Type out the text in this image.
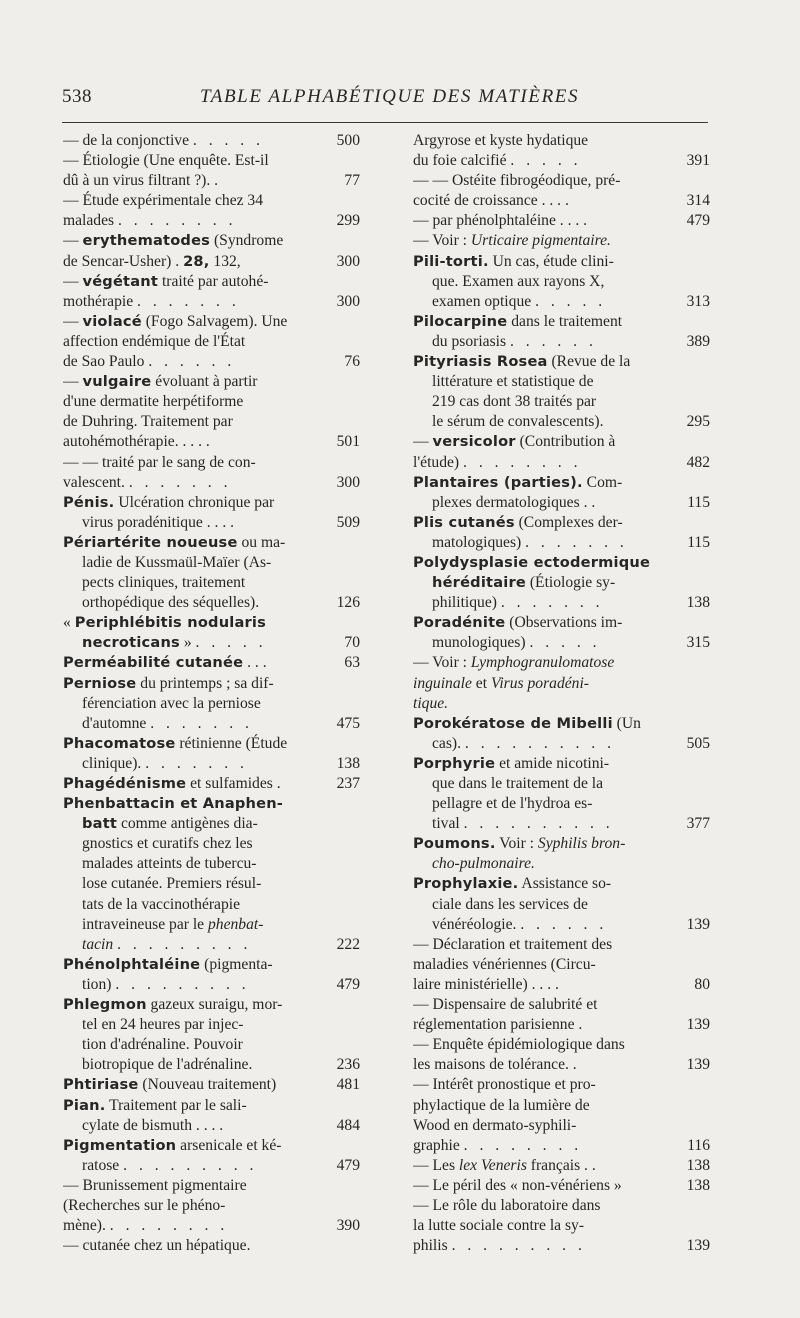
538	TABLE ALPHABÉTIQUE DES MATIÈRES
— de la conjonctive . . . . .	500
— Étiologie (Une enquête. Est-il
dû à un virus filtrant ?). .	77
— Étude expérimentale chez 34
malades . . . . . . . .	299
— erythematodes (Syndrome
de Sencar-Usher) . 28, 132,	300
— végétant traité par autohé-
mothérapie . . . . . . .	300
— violacé (Fogo Salvagem). Une
affection endémique de l'État
de Sao Paulo . . . . . .	76
— vulgaire évoluant à partir
d'une dermatite herpétiforme
de Duhring. Traitement par
autohémothérapie. . . . .	501
— — traité par le sang de con-
valescent. . . . . . . .	300
Pénis. Ulcération chronique par
virus poradénitique . . . .	509
Périartérite noueuse ou ma-
ladie de Kussmaül-Maïer (As-
pects cliniques, traitement
orthopédique des séquelles).	126
« Periphlébitis nodularis
necroticans » . . . . .	70
Perméabilité cutanée . . .	63
Perniose du printemps ; sa dif-
férenciation avec la perniose
d'automne . . . . . . .	475
Phacomatose rétinienne (Étude
clinique). . . . . . . .	138
Phagédénisme et sulfamides .	237
Phenbattacin et Anaphen-
batt comme antigènes dia-
gnostics et curatifs chez les
malades atteints de tubercu-
lose cutanée. Premiers résul-
tats de la vaccinothérapie
intraveineuse par le phenbat-
tacin . . . . . . . . .	222
Phénolphtaléine (pigmenta-
tion) . . . . . . . . .	479
Phlegmon gazeux suraigu, mor-
tel en 24 heures par injec-
tion d'adrénaline. Pouvoir
biotropique de l'adrénaline.	236
Phtiriase (Nouveau traitement)	481
Pian. Traitement par le sali-
cylate de bismuth . . . .	484
Pigmentation arsenicale et ké-
ratose . . . . . . . . .	479
— Brunissement pigmentaire
(Recherches sur le phéno-
mène). . . . . . . . .	390
— cutanée chez un hépatique.
Argyrose et kyste hydatique
du foie calcifié . . . . .	391
— — Ostéite fibrogéodique, pré-
cocité de croissance . . . .	314
— par phénolphtaléine . . . .	479
— Voir : Urticaire pigmentaire.
Pili-torti. Un cas, étude clini-
que. Examen aux rayons X,
examen optique . . . . .	313
Pilocarpine dans le traitement
du psoriasis . . . . . .	389
Pityriasis Rosea (Revue de la
littérature et statistique de
219 cas dont 38 traités par
le sérum de convalescents).	295
— versicolor (Contribution à
l'étude) . . . . . . . .	482
Plantaires (parties). Com-
plexes dermatologiques . .	115
Plis cutanés (Complexes der-
matologiques) . . . . . . .	115
Polydysplasie ectodermique
héréditaire (Étiologie sy-
philitique) . . . . . . .	138
Poradénite (Observations im-
munologiques) . . . . .	315
— Voir : Lymphogranulomatose
inguinale et Virus poradéni-
tique.
Porokératose de Mibelli (Un
cas). . . . . . . . . . .	505
Porphyrie et amide nicotini-
que dans le traitement de la
pellagre et de l'hydroa es-
tival . . . . . . . . . .	377
Poumons. Voir : Syphilis bron-
cho-pulmonaire.
Prophylaxie. Assistance so-
ciale dans les services de
vénéréologie. . . . . . .	139
— Déclaration et traitement des
maladies vénériennes (Circu-
laire ministérielle) . . . .	80
— Dispensaire de salubrité et
réglementation parisienne .	139
— Enquête épidémiologique dans
les maisons de tolérance. .	139
— Intérêt pronostique et pro-
phylactique de la lumière de
Wood en dermato-syphili-
graphie . . . . . . . .	116
— Les lex Veneris français . .	138
— Le péril des « non-vénériens »	138
— Le rôle du laboratoire dans
la lutte sociale contre la sy-
philis . . . . . . . . .	139
